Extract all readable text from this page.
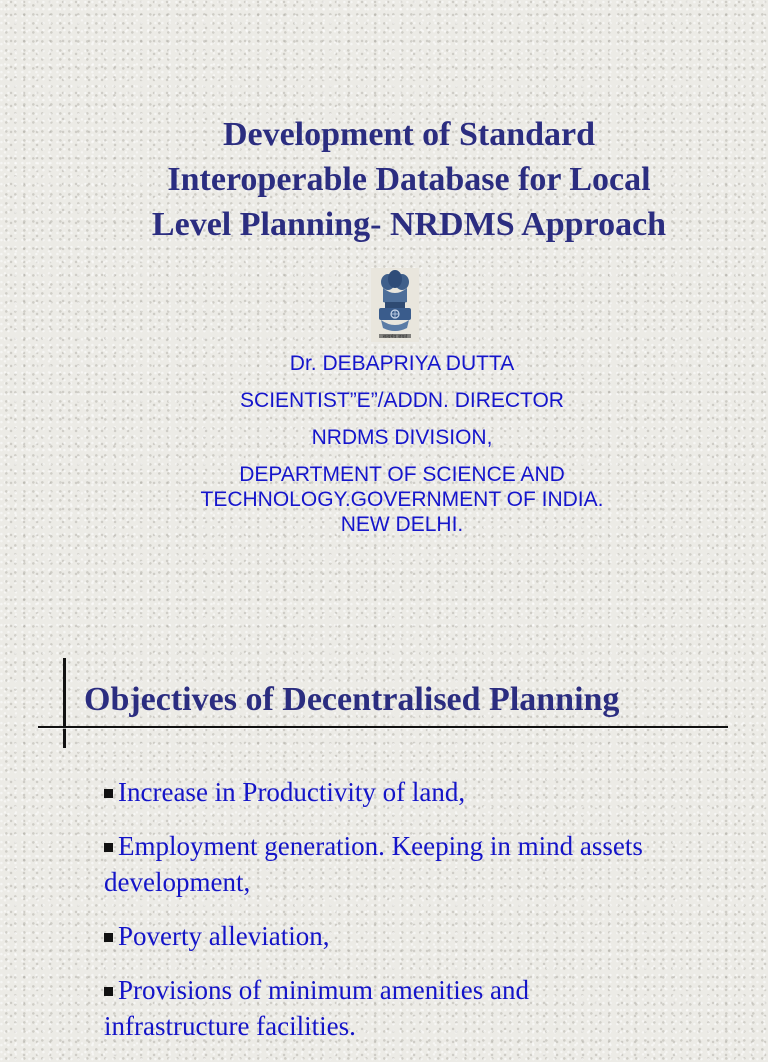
Development of Standard
Interoperable Database for Local
Level Planning- NRDMS Approach
सत्यमेव जयते
Dr. DEBAPRIYA DUTTA
SCIENTIST”E”/ADDN. DIRECTOR
NRDMS DIVISION,
DEPARTMENT OF SCIENCE AND
TECHNOLOGY.GOVERNMENT OF INDIA.
NEW DELHI.
Objectives of Decentralised Planning
Increase in Productivity of land,
Employment generation. Keeping in mind assets development,
Poverty alleviation,
Provisions of minimum amenities and infrastructure facilities.
